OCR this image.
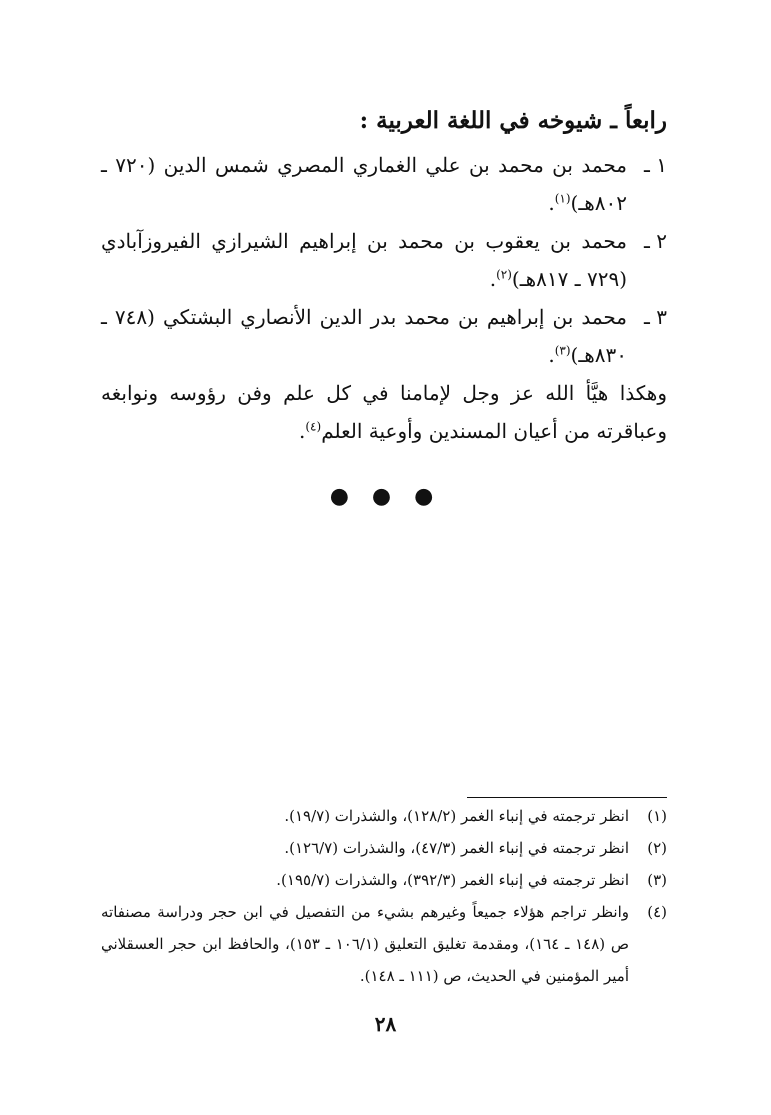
رابعاً ـ شيوخه في اللغة العربية :

١ ـمحمد بن محمد بن علي الغماري المصري شمس الدين (٧٢٠ ـ ٨٠٢هـ)$^{(١)}$.

٢ ـمحمد بن يعقوب بن محمد بن إبراهيم الشيرازي الفيروزآبادي (٧٢٩ ـ ٨١٧هـ)$^{(٢)}$.

٣ ـمحمد بن إبراهيم بن محمد بدر الدين الأنصاري البشتكي (٧٤٨ ـ ٨٣٠هـ)$^{(٣)}$.

وهكذا هيَّأ الله عز وجل لإمامنا في كل علم وفن رؤوسه ونوابغه وعباقرته من أعيان المسندين وأوعية العلم$^{(٤)}$.

● ● ●

(١)انظر ترجمته في إنباء الغمر (١٢٨/٢)، والشذرات (١٩/٧).

(٢)انظر ترجمته في إنباء الغمر (٤٧/٣)، والشذرات (١٢٦/٧).

(٣)انظر ترجمته في إنباء الغمر (٣٩٢/٣)، والشذرات (١٩٥/٧).

(٤)وانظر تراجم هؤلاء جميعاً وغيرهم بشيء من التفصيل في ابن حجر ودراسة مصنفاته ص (١٤٨ ـ ١٦٤)، ومقدمة تغليق التعليق (١٠٦/١ ـ ١٥٣)، والحافظ ابن حجر العسقلاني أمير المؤمنين في الحديث، ص (١١١ ـ ١٤٨).

٢٨
